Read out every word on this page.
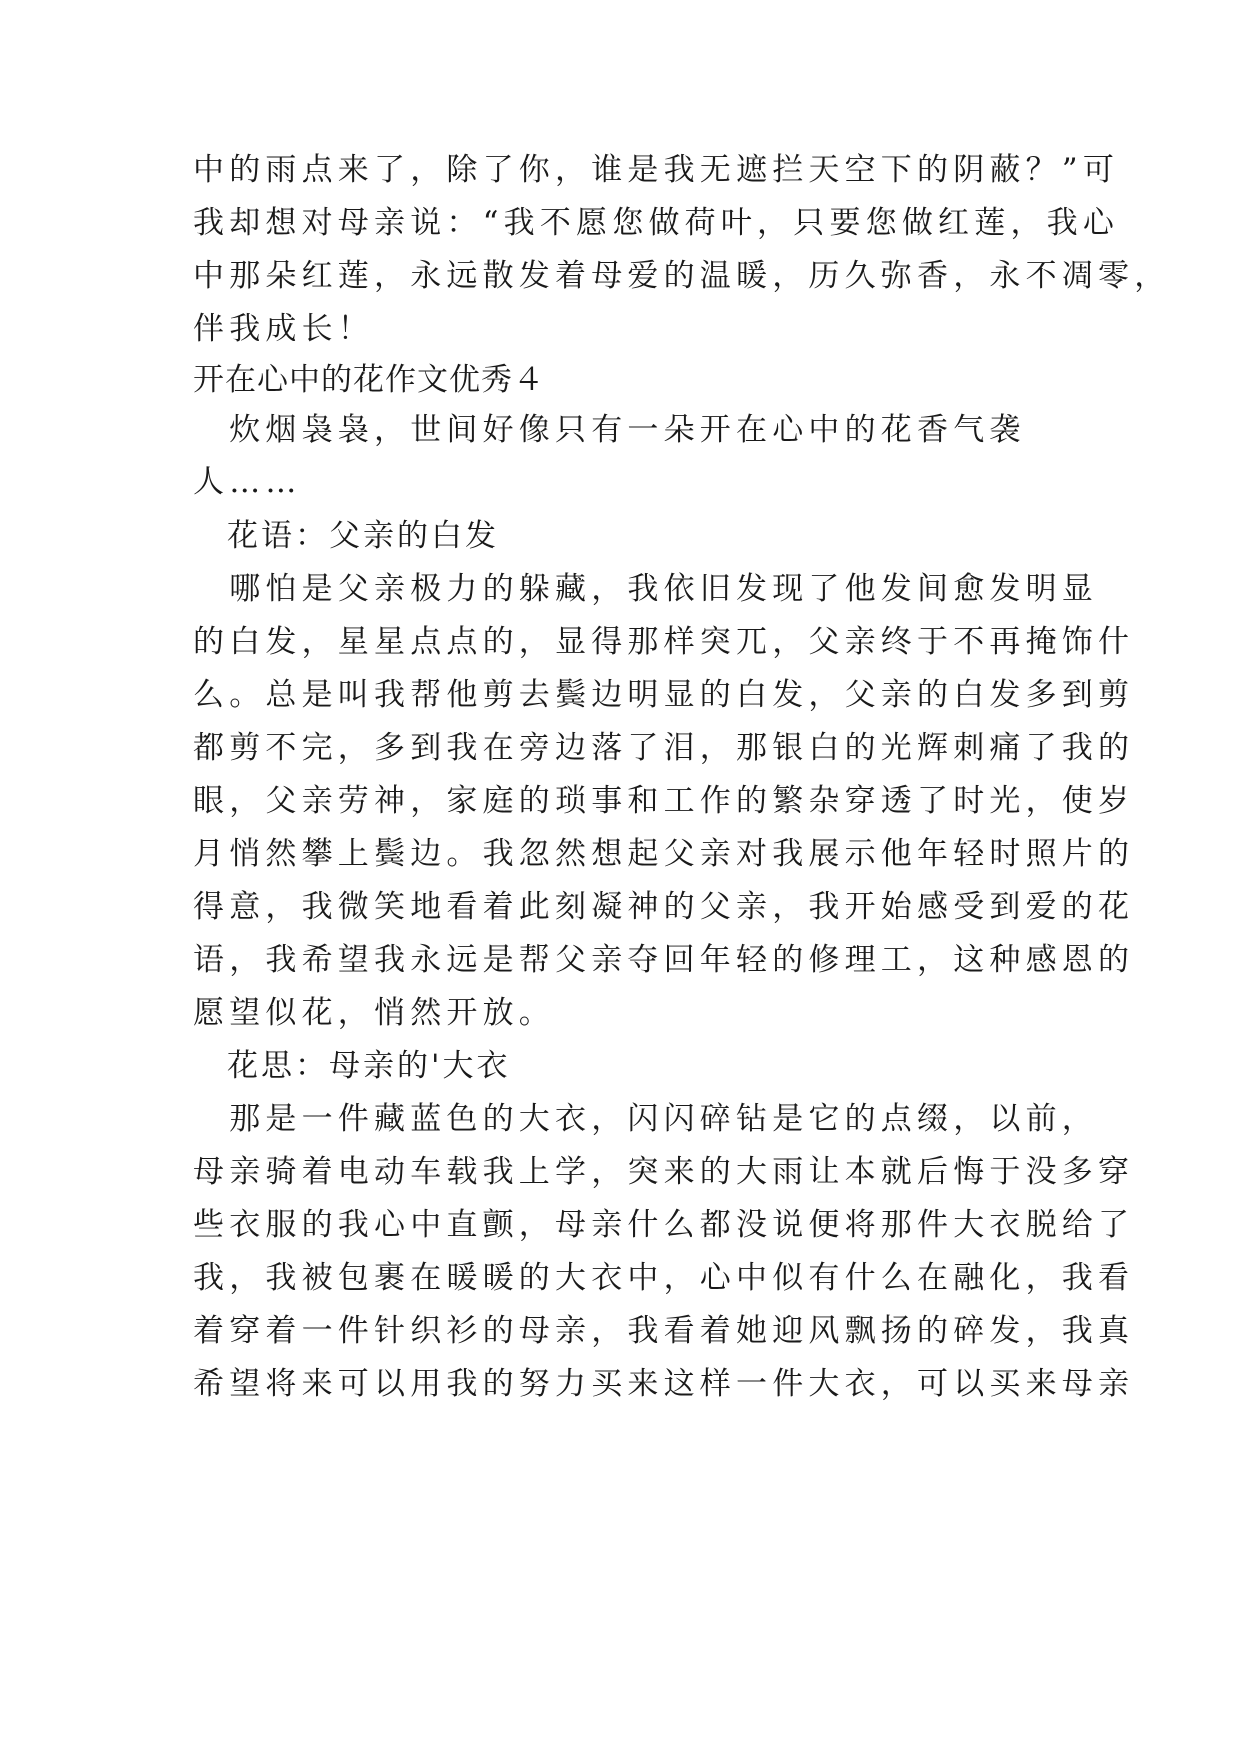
中的雨点来了，除了你，谁是我无遮拦天空下的阴蔽？”可
我却想对母亲说：“我不愿您做荷叶，只要您做红莲，我心
中那朵红莲，永远散发着母爱的温暖，历久弥香，永不凋零，
伴我成长！
开在心中的花作文优秀４
　炊烟袅袅，世间好像只有一朵开在心中的花香气袭
人……
　花语：父亲的白发
　哪怕是父亲极力的躲藏，我依旧发现了他发间愈发明显
的白发，星星点点的，显得那样突兀，父亲终于不再掩饰什
么。总是叫我帮他剪去鬓边明显的白发，父亲的白发多到剪
都剪不完，多到我在旁边落了泪，那银白的光辉刺痛了我的
眼，父亲劳神，家庭的琐事和工作的繁杂穿透了时光，使岁
月悄然攀上鬓边。我忽然想起父亲对我展示他年轻时照片的
得意，我微笑地看着此刻凝神的父亲，我开始感受到爱的花
语，我希望我永远是帮父亲夺回年轻的修理工，这种感恩的
愿望似花，悄然开放。
　花思：母亲的'大衣
　那是一件藏蓝色的大衣，闪闪碎钻是它的点缀，以前，
母亲骑着电动车载我上学，突来的大雨让本就后悔于没多穿
些衣服的我心中直颤，母亲什么都没说便将那件大衣脱给了
我，我被包裹在暖暖的大衣中，心中似有什么在融化，我看
着穿着一件针织衫的母亲，我看着她迎风飘扬的碎发，我真
希望将来可以用我的努力买来这样一件大衣，可以买来母亲
